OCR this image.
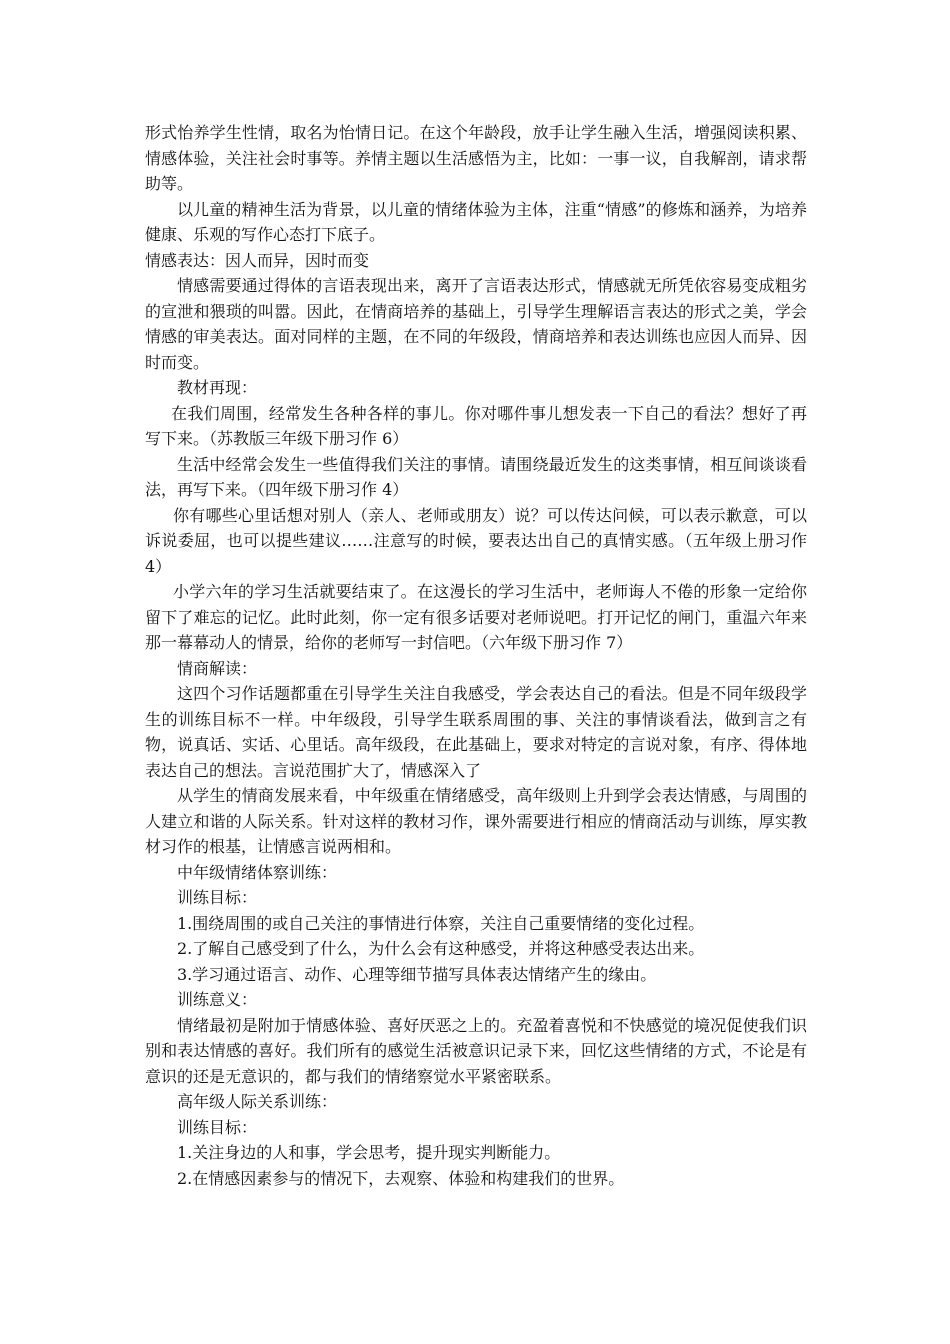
形式怡养学生性情，取名为怡情日记。在这个年龄段，放手让学生融入生活，增强阅读积累、情感体验，关注社会时事等。养情主题以生活感悟为主，比如：一事一议，自我解剖，请求帮助等。

以儿童的精神生活为背景，以儿童的情绪体验为主体，注重“情感”的修炼和涵养，为培养健康、乐观的写作心态打下底子。

情感表达：因人而异，因时而变

情感需要通过得体的言语表现出来，离开了言语表达形式，情感就无所凭依容易变成粗劣的宣泄和猥琐的叫嚣。因此，在情商培养的基础上，引导学生理解语言表达的形式之美，学会情感的审美表达。面对同样的主题，在不同的年级段，情商培养和表达训练也应因人而异、因时而变。

教材再现：

在我们周围，经常发生各种各样的事儿。你对哪件事儿想发表一下自己的看法？想好了再写下来。（苏教版三年级下册习作 6）

生活中经常会发生一些值得我们关注的事情。请围绕最近发生的这类事情，相互间谈谈看法，再写下来。（四年级下册习作 4）

你有哪些心里话想对别人（亲人、老师或朋友）说？可以传达问候，可以表示歉意，可以诉说委屈，也可以提些建议……注意写的时候，要表达出自己的真情实感。（五年级上册习作 4）

小学六年的学习生活就要结束了。在这漫长的学习生活中，老师诲人不倦的形象一定给你留下了难忘的记忆。此时此刻，你一定有很多话要对老师说吧。打开记忆的闸门，重温六年来那一幕幕动人的情景，给你的老师写一封信吧。（六年级下册习作 7）

情商解读：

这四个习作话题都重在引导学生关注自我感受，学会表达自己的看法。但是不同年级段学生的训练目标不一样。中年级段，引导学生联系周围的事、关注的事情谈看法，做到言之有物，说真话、实话、心里话。高年级段，在此基础上，要求对特定的言说对象，有序、得体地表达自己的想法。言说范围扩大了，情感深入了

从学生的情商发展来看，中年级重在情绪感受，高年级则上升到学会表达情感，与周围的人建立和谐的人际关系。针对这样的教材习作，课外需要进行相应的情商活动与训练，厚实教材习作的根基，让情感言说两相和。

中年级情绪体察训练：

训练目标：

1.围绕周围的或自己关注的事情进行体察，关注自己重要情绪的变化过程。

2.了解自己感受到了什么，为什么会有这种感受，并将这种感受表达出来。

3.学习通过语言、动作、心理等细节描写具体表达情绪产生的缘由。

训练意义：

情绪最初是附加于情感体验、喜好厌恶之上的。充盈着喜悦和不快感觉的境况促使我们识别和表达情感的喜好。我们所有的感觉生活被意识记录下来，回忆这些情绪的方式，不论是有意识的还是无意识的，都与我们的情绪察觉水平紧密联系。

高年级人际关系训练：

训练目标：

1.关注身边的人和事，学会思考，提升现实判断能力。

2.在情感因素参与的情况下，去观察、体验和构建我们的世界。
